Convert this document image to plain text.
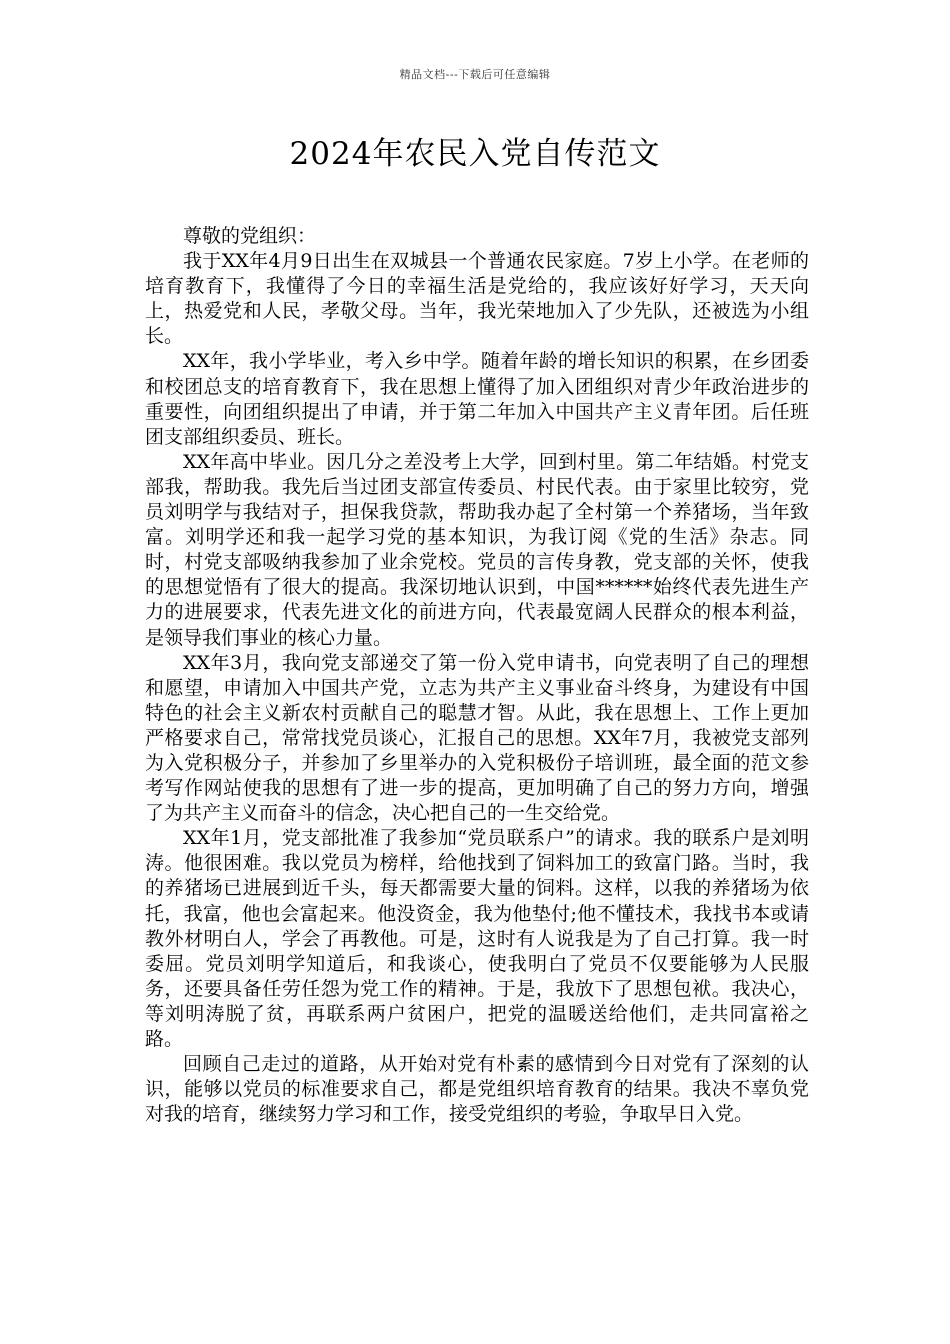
精品文档---下载后可任意编辑
2024年农民入党自传范文

尊敬的党组织：

我于XX年4月9日出生在双城县一个普通农民家庭。7岁上小学。在老师的培育教育下，我懂得了今日的幸福生活是党给的，我应该好好学习，天天向上，热爱党和人民，孝敬父母。当年，我光荣地加入了少先队，还被选为小组长。

XX年，我小学毕业，考入乡中学。随着年龄的增长知识的积累，在乡团委和校团总支的培育教育下，我在思想上懂得了加入团组织对青少年政治进步的重要性，向团组织提出了申请，并于第二年加入中国共产主义青年团。后任班团支部组织委员、班长。

XX年高中毕业。因几分之差没考上大学，回到村里。第二年结婚。村党支部我，帮助我。我先后当过团支部宣传委员、村民代表。由于家里比较穷，党员刘明学与我结对子，担保我贷款，帮助我办起了全村第一个养猪场，当年致富。刘明学还和我一起学习党的基本知识，为我订阅《党的生活》杂志。同时，村党支部吸纳我参加了业余党校。党员的言传身教，党支部的关怀，使我的思想觉悟有了很大的提高。我深切地认识到，中国******始终代表先进生产力的进展要求，代表先进文化的前进方向，代表最宽阔人民群众的根本利益，是领导我们事业的核心力量。

XX年3月，我向党支部递交了第一份入党申请书，向党表明了自己的理想和愿望，申请加入中国共产党，立志为共产主义事业奋斗终身，为建设有中国特色的社会主义新农村贡献自己的聪慧才智。从此，我在思想上、工作上更加严格要求自己，常常找党员谈心，汇报自己的思想。XX年7月，我被党支部列为入党积极分子，并参加了乡里举办的入党积极份子培训班，最全面的范文参考写作网站使我的思想有了进一步的提高，更加明确了自己的努力方向，增强了为共产主义而奋斗的信念，决心把自己的一生交给党。

XX年1月，党支部批准了我参加“党员联系户”的请求。我的联系户是刘明涛。他很困难。我以党员为榜样，给他找到了饲料加工的致富门路。当时，我的养猪场已进展到近千头，每天都需要大量的饲料。这样，以我的养猪场为依托，我富，他也会富起来。他没资金，我为他垫付;他不懂技术，我找书本或请教外材明白人，学会了再教他。可是，这时有人说我是为了自己打算。我一时委屈。党员刘明学知道后，和我谈心，使我明白了党员不仅要能够为人民服务，还要具备任劳任怨为党工作的精神。于是，我放下了思想包袱。我决心，等刘明涛脱了贫，再联系两户贫困户，把党的温暖送给他们，走共同富裕之路。

回顾自己走过的道路，从开始对党有朴素的感情到今日对党有了深刻的认识，能够以党员的标准要求自己，都是党组织培育教育的结果。我决不辜负党对我的培育，继续努力学习和工作，接受党组织的考验，争取早日入党。
